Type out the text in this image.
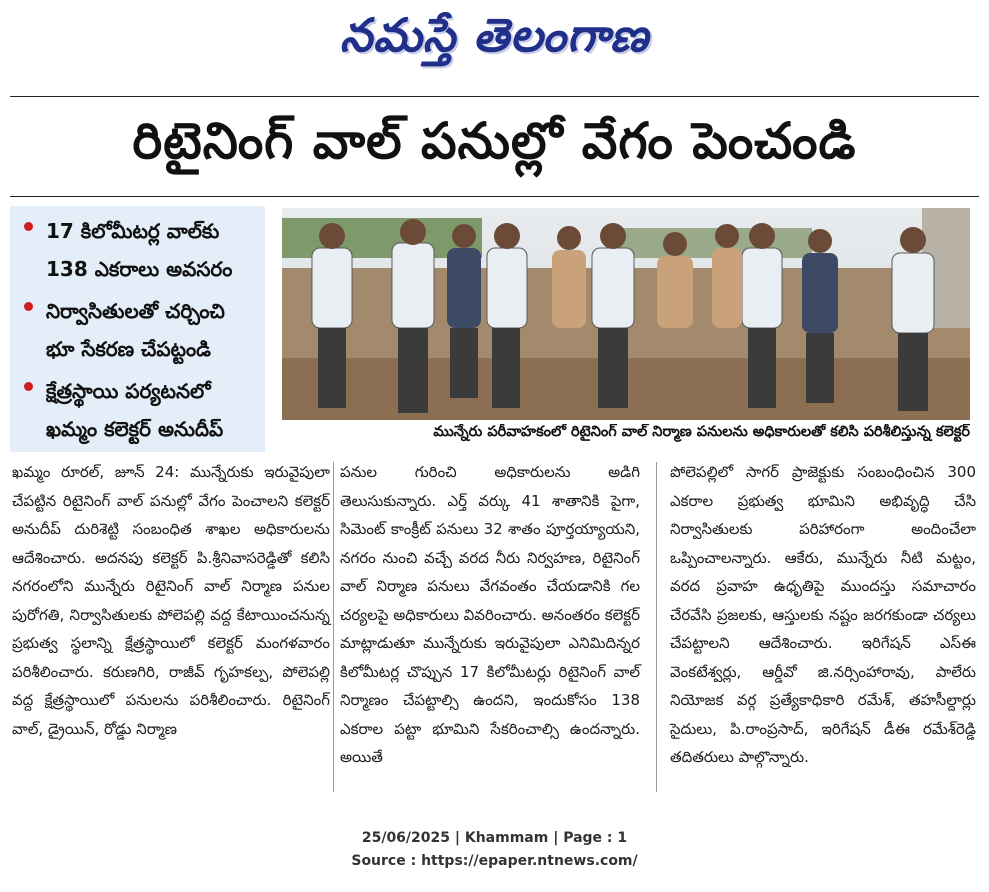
నమస్తే తెలంగాణ
రిటైనింగ్ వాల్ పనుల్లో వేగం పెంచండి
17 కిలోమీటర్ల వాల్‌కు
138 ఎకరాలు అవసరం
నిర్వాసితులతో చర్చించి
భూ సేకరణ చేపట్టండి
క్షేత్రస్థాయి పర్యటనలో
ఖమ్మం కలెక్టర్ అనుదీప్	మున్నేరు పరీవాహకంలో రిటైనింగ్ వాల్ నిర్మాణ పనులను అధికారులతో కలిసి పరిశీలిస్తున్న కలెక్టర్

ఖమ్మం రూరల్, జూన్ 24: మున్నేరుకు ఇరువైపులా చేపట్టిన రిటైనింగ్ వాల్ పనుల్లో వేగం పెంచాలని కలెక్టర్ అనుదీప్ దురిశెట్టి సంబంధిత శాఖల అధికారులను ఆదేశించారు. అదనపు కలెక్టర్ పి.శ్రీనివాసరెడ్డితో కలిసి నగరంలోని మున్నేరు రిటైనింగ్ వాల్ నిర్మాణ పనుల పురోగతి, నిర్వాసితులకు పోలెపల్లి వద్ద కేటాయించనున్న ప్రభుత్వ స్థలాన్ని క్షేత్రస్థాయిలో కలెక్టర్ మంగళవారం పరిశీలించారు. కరుణగిరి, రాజీవ్ గృహకల్ప, పోలెపల్లి వద్ద క్షేత్రస్థాయిలో పనులను పరిశీలించారు. రిటైనింగ్ వాల్, డ్రైయిన్, రోడ్డు నిర్మాణ

పనుల గురించి అధికారులను అడిగి తెలుసుకున్నారు. ఎర్త్ వర్కు 41 శాతానికి పైగా, సిమెంట్ కాంక్రీట్ పనులు 32 శాతం పూర్తయ్యాయని, నగరం నుంచి వచ్చే వరద నీరు నిర్వహణ, రిటైనింగ్ వాల్ నిర్మాణ పనులు వేగవంతం చేయడానికి గల చర్యలపై అధికారులు వివరించారు. అనంతరం కలెక్టర్ మాట్లాడుతూ మున్నేరుకు ఇరువైపులా ఎనిమిదిన్నర కిలోమీటర్ల చొప్పున 17 కిలోమీటర్లు రిటైనింగ్ వాల్ నిర్మాణం చేపట్టాల్సి ఉందని, ఇందుకోసం 138 ఎకరాల పట్టా భూమిని సేకరించాల్సి ఉందన్నారు. అయితే

పోలెపల్లిలో సాగర్ ప్రాజెక్టుకు సంబంధించిన 300 ఎకరాల ప్రభుత్వ భూమిని అభివృద్ధి చేసి నిర్వాసితులకు పరిహారంగా అందించేలా ఒప్పించాలన్నారు. ఆకేరు, మున్నేరు నీటి మట్టం, వరద ప్రవాహ ఉధృతిపై ముందస్తు సమాచారం చేరవేసి ప్రజలకు, ఆస్తులకు నష్టం జరగకుండా చర్యలు చేపట్టాలని ఆదేశించారు. ఇరిగేషన్ ఎస్ఈ వెంకటేశ్వర్లు, ఆర్డీవో జి.నర్సింహారావు, పాలేరు నియోజక వర్గ ప్రత్యేకాధికారి రమేశ్, తహసీల్దార్లు సైదులు, పి.రాంప్రసాద్, ఇరిగేషన్ డీఈ రమేశ్‌రెడ్డి తదితరులు పాల్గొన్నారు.

25/06/2025 | Khammam | Page : 1
Source : https://epaper.ntnews.com/
